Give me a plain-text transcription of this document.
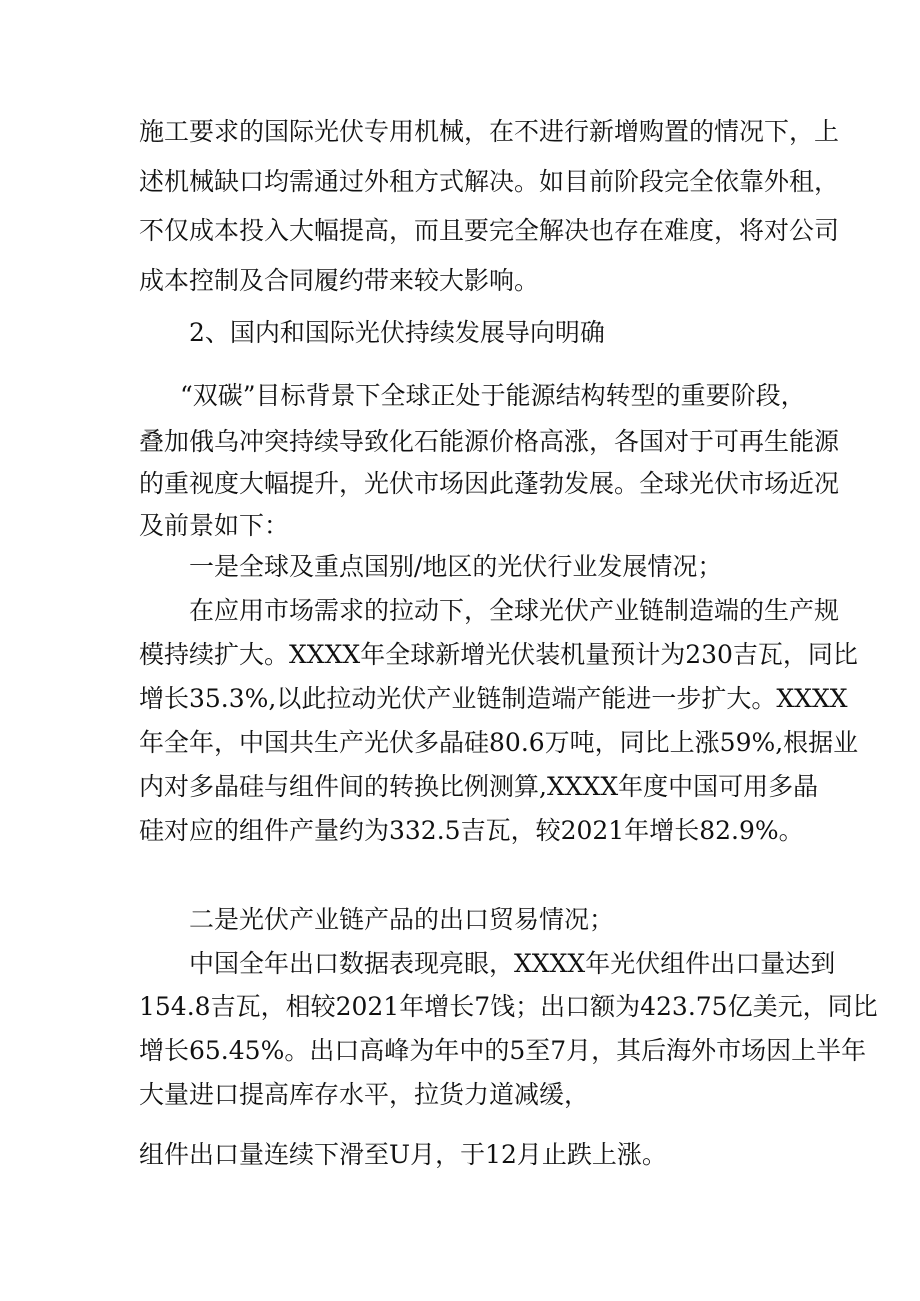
施工要求的国际光伏专用机械，在不进行新增购置的情况下，上
述机械缺口均需通过外租方式解决。如目前阶段完全依靠外租，
不仅成本投入大幅提高，而且要完全解决也存在难度，将对公司
成本控制及合同履约带来较大影响。
2、国内和国际光伏持续发展导向明确
“双碳”目标背景下全球正处于能源结构转型的重要阶段，
叠加俄乌冲突持续导致化石能源价格高涨，各国对于可再生能源
的重视度大幅提升，光伏市场因此蓬勃发展。全球光伏市场近况
及前景如下：
一是全球及重点国别/地区的光伏行业发展情况；
在应用市场需求的拉动下，全球光伏产业链制造端的生产规
模持续扩大。XXXX年全球新增光伏装机量预计为230吉瓦，同比
增长35.3%,以此拉动光伏产业链制造端产能进一步扩大。XXXX
年全年，中国共生产光伏多晶硅80.6万吨，同比上涨59%,根据业
内对多晶硅与组件间的转换比例测算,XXXX年度中国可用多晶
硅对应的组件产量约为332.5吉瓦，较2021年增长82.9%。
二是光伏产业链产品的出口贸易情况；
中国全年出口数据表现亮眼，XXXX年光伏组件出口量达到
154.8吉瓦，相较2021年增长7饯；出口额为423.75亿美元，同比
增长65.45%。出口高峰为年中的5至7月，其后海外市场因上半年
大量进口提高库存水平，拉货力道减缓，
组件出口量连续下滑至U月，于12月止跌上涨。
